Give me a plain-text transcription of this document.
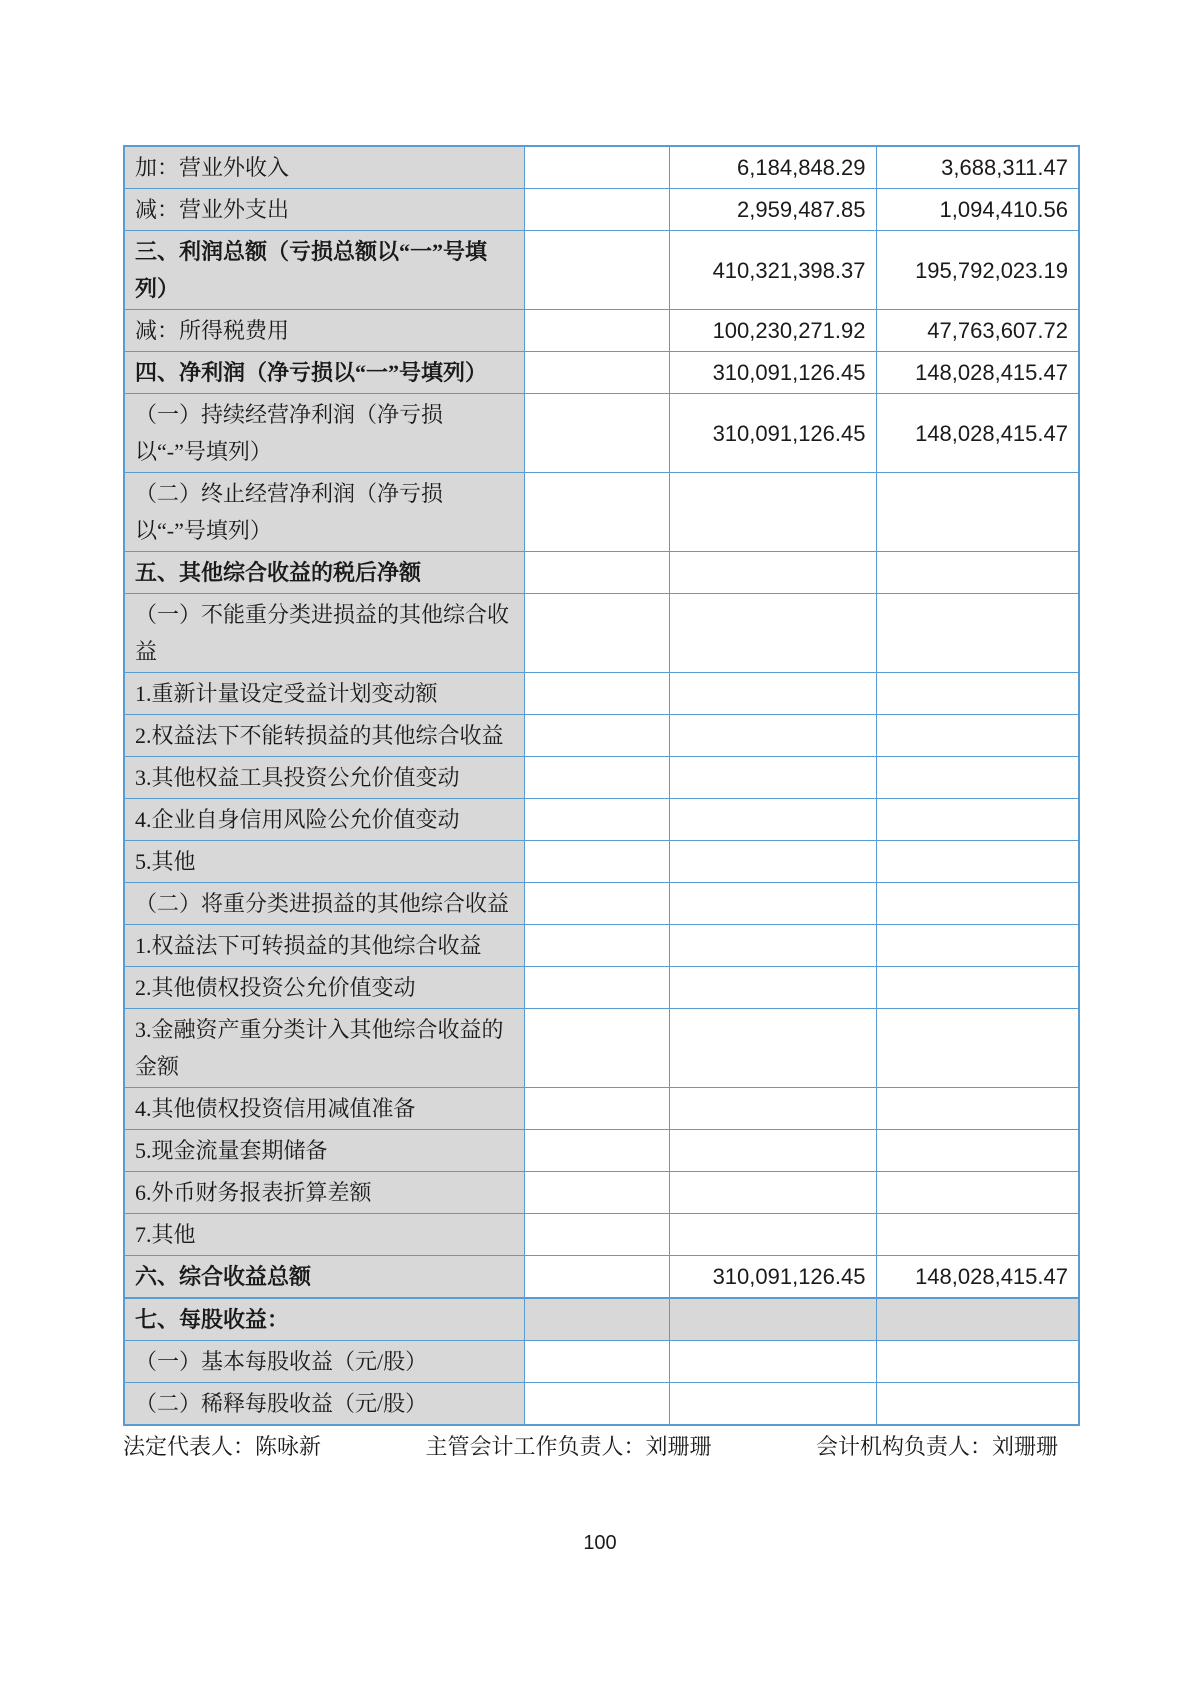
加：营业外收入		6,184,848.29	3,688,311.47
减：营业外支出		2,959,487.85	1,094,410.56
三、利润总额（亏损总额以“一”号填列）		410,321,398.37	195,792,023.19
减：所得税费用		100,230,271.92	47,763,607.72
四、净利润（净亏损以“一”号填列）		310,091,126.45	148,028,415.47
（一）持续经营净利润（净亏损以“-”号填列）		310,091,126.45	148,028,415.47
（二）终止经营净利润（净亏损以“-”号填列）			
五、其他综合收益的税后净额			
（一）不能重分类进损益的其他综合收益			
1.重新计量设定受益计划变动额			
2.权益法下不能转损益的其他综合收益			
3.其他权益工具投资公允价值变动			
4.企业自身信用风险公允价值变动			
5.其他			
（二）将重分类进损益的其他综合收益			
1.权益法下可转损益的其他综合收益			
2.其他债权投资公允价值变动			
3.金融资产重分类计入其他综合收益的金额			
4.其他债权投资信用减值准备			
5.现金流量套期储备			
6.外币财务报表折算差额			
7.其他			
六、综合收益总额		310,091,126.45	148,028,415.47
七、每股收益：			
（一）基本每股收益（元/股）			
（二）稀释每股收益（元/股）			
法定代表人：陈咏新	主管会计工作负责人：刘珊珊	会计机构负责人：刘珊珊
100
